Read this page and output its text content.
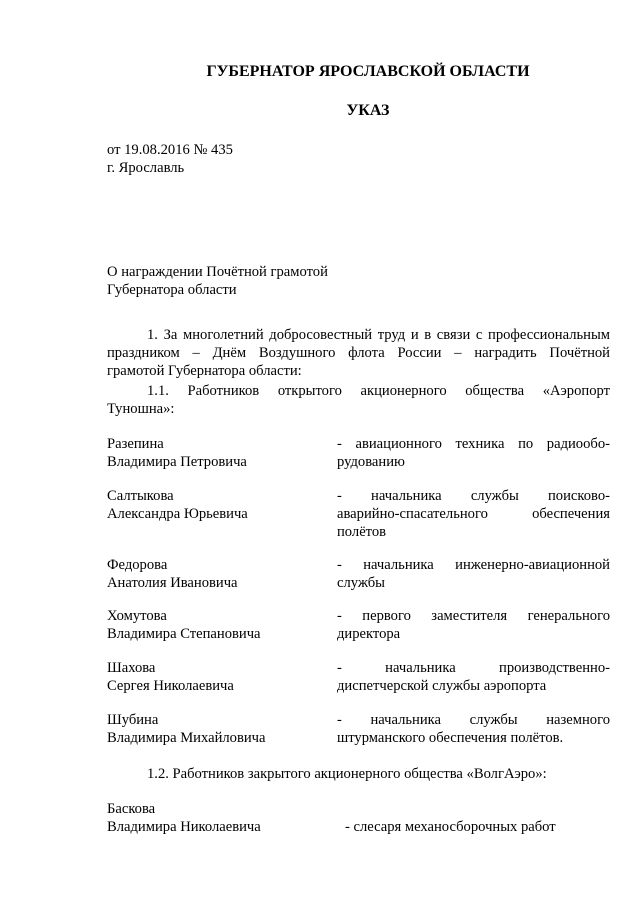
ГУБЕРНАТОР ЯРОСЛАВСКОЙ ОБЛАСТИ
УКАЗ
от 19.08.2016 № 435
г. Ярославль
О награждении Почётной грамотой
Губернатора области
1. За многолетний добросовестный труд и в связи с профессиональным
праздником – Днём Воздушного флота России – наградить Почётной
грамотой Губернатора области:
1.1. Работников открытого акционерного общества «Аэропорт
Туношна»:
Разепина
Владимира Петровича
- авиационного техника по радиообо-
рудованию
Салтыкова
Александра Юрьевича
- начальника службы поисково-
аварийно-спасательного обеспечения
полётов
Федорова
Анатолия Ивановича
- начальника инженерно-авиационной
службы
Хомутова
Владимира Степановича
- первого заместителя генерального
директора
Шахова
Сергея Николаевича
- начальника производственно-
диспетчерской службы аэропорта
Шубина
Владимира Михайловича
- начальника службы наземного
штурманского обеспечения полётов.
1.2. Работников закрытого акционерного общества «ВолгАэро»:
Баскова
Владимира Николаевича	- слесаря механосборочных работ
